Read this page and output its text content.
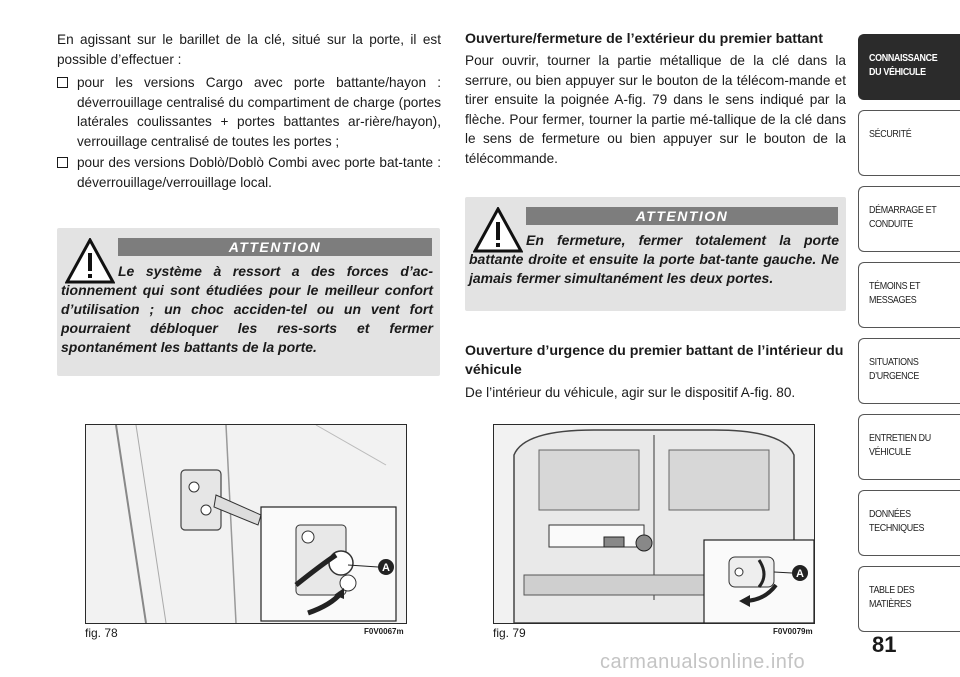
En agissant sur le barillet de la clé, situé sur la porte, il est possible d’effectuer :

pour les versions Cargo avec porte battante/hayon : déverrouillage centralisé du compartiment de charge (portes latérales coulissantes + portes battantes ar-rière/hayon), verrouillage centralisé de toutes les portes ;
pour des versions Doblò/Doblò Combi avec porte bat-tante : déverrouillage/verrouillage local.
ATTENTION
Le système à ressort a des forces d’ac-tionnement qui sont étudiées pour le meilleur confort d’utilisation ; un choc acciden-tel ou un vent fort pourraient débloquer les res-sorts et fermer spontanément les battants de la porte.
Ouverture/fermeture de l’extérieur du premier battant

Pour ouvrir, tourner la partie métallique de la clé dans la serrure, ou bien appuyer sur le bouton de la télécom-mande et tirer ensuite la poignée A-fig. 79 dans le sens indiqué par la flèche. Pour fermer, tourner la partie mé-tallique de la clé dans le sens de fermeture ou bien appuyer sur le bouton de la télécommande.

ATTENTION
En fermeture, fermer totalement la porte battante droite et ensuite la porte bat-tante gauche. Ne jamais fermer simultanément les deux portes.
Ouverture d’urgence du premier battant de l’intérieur du véhicule

De l’intérieur du véhicule, agir sur le dispositif A-fig. 80.

A
fig. 78	F0V0067m
A
fig. 79	F0V0079m
CONNAISSANCE DU VÉHICULE
SÉCURITÉ
DÉMARRAGE ET CONDUITE
TÉMOINS ET MESSAGES
SITUATIONS D’URGENCE
ENTRETIEN DU VÉHICULE
DONNÉES TECHNIQUES
TABLE DES MATIÈRES
81
carmanualsonline.info
